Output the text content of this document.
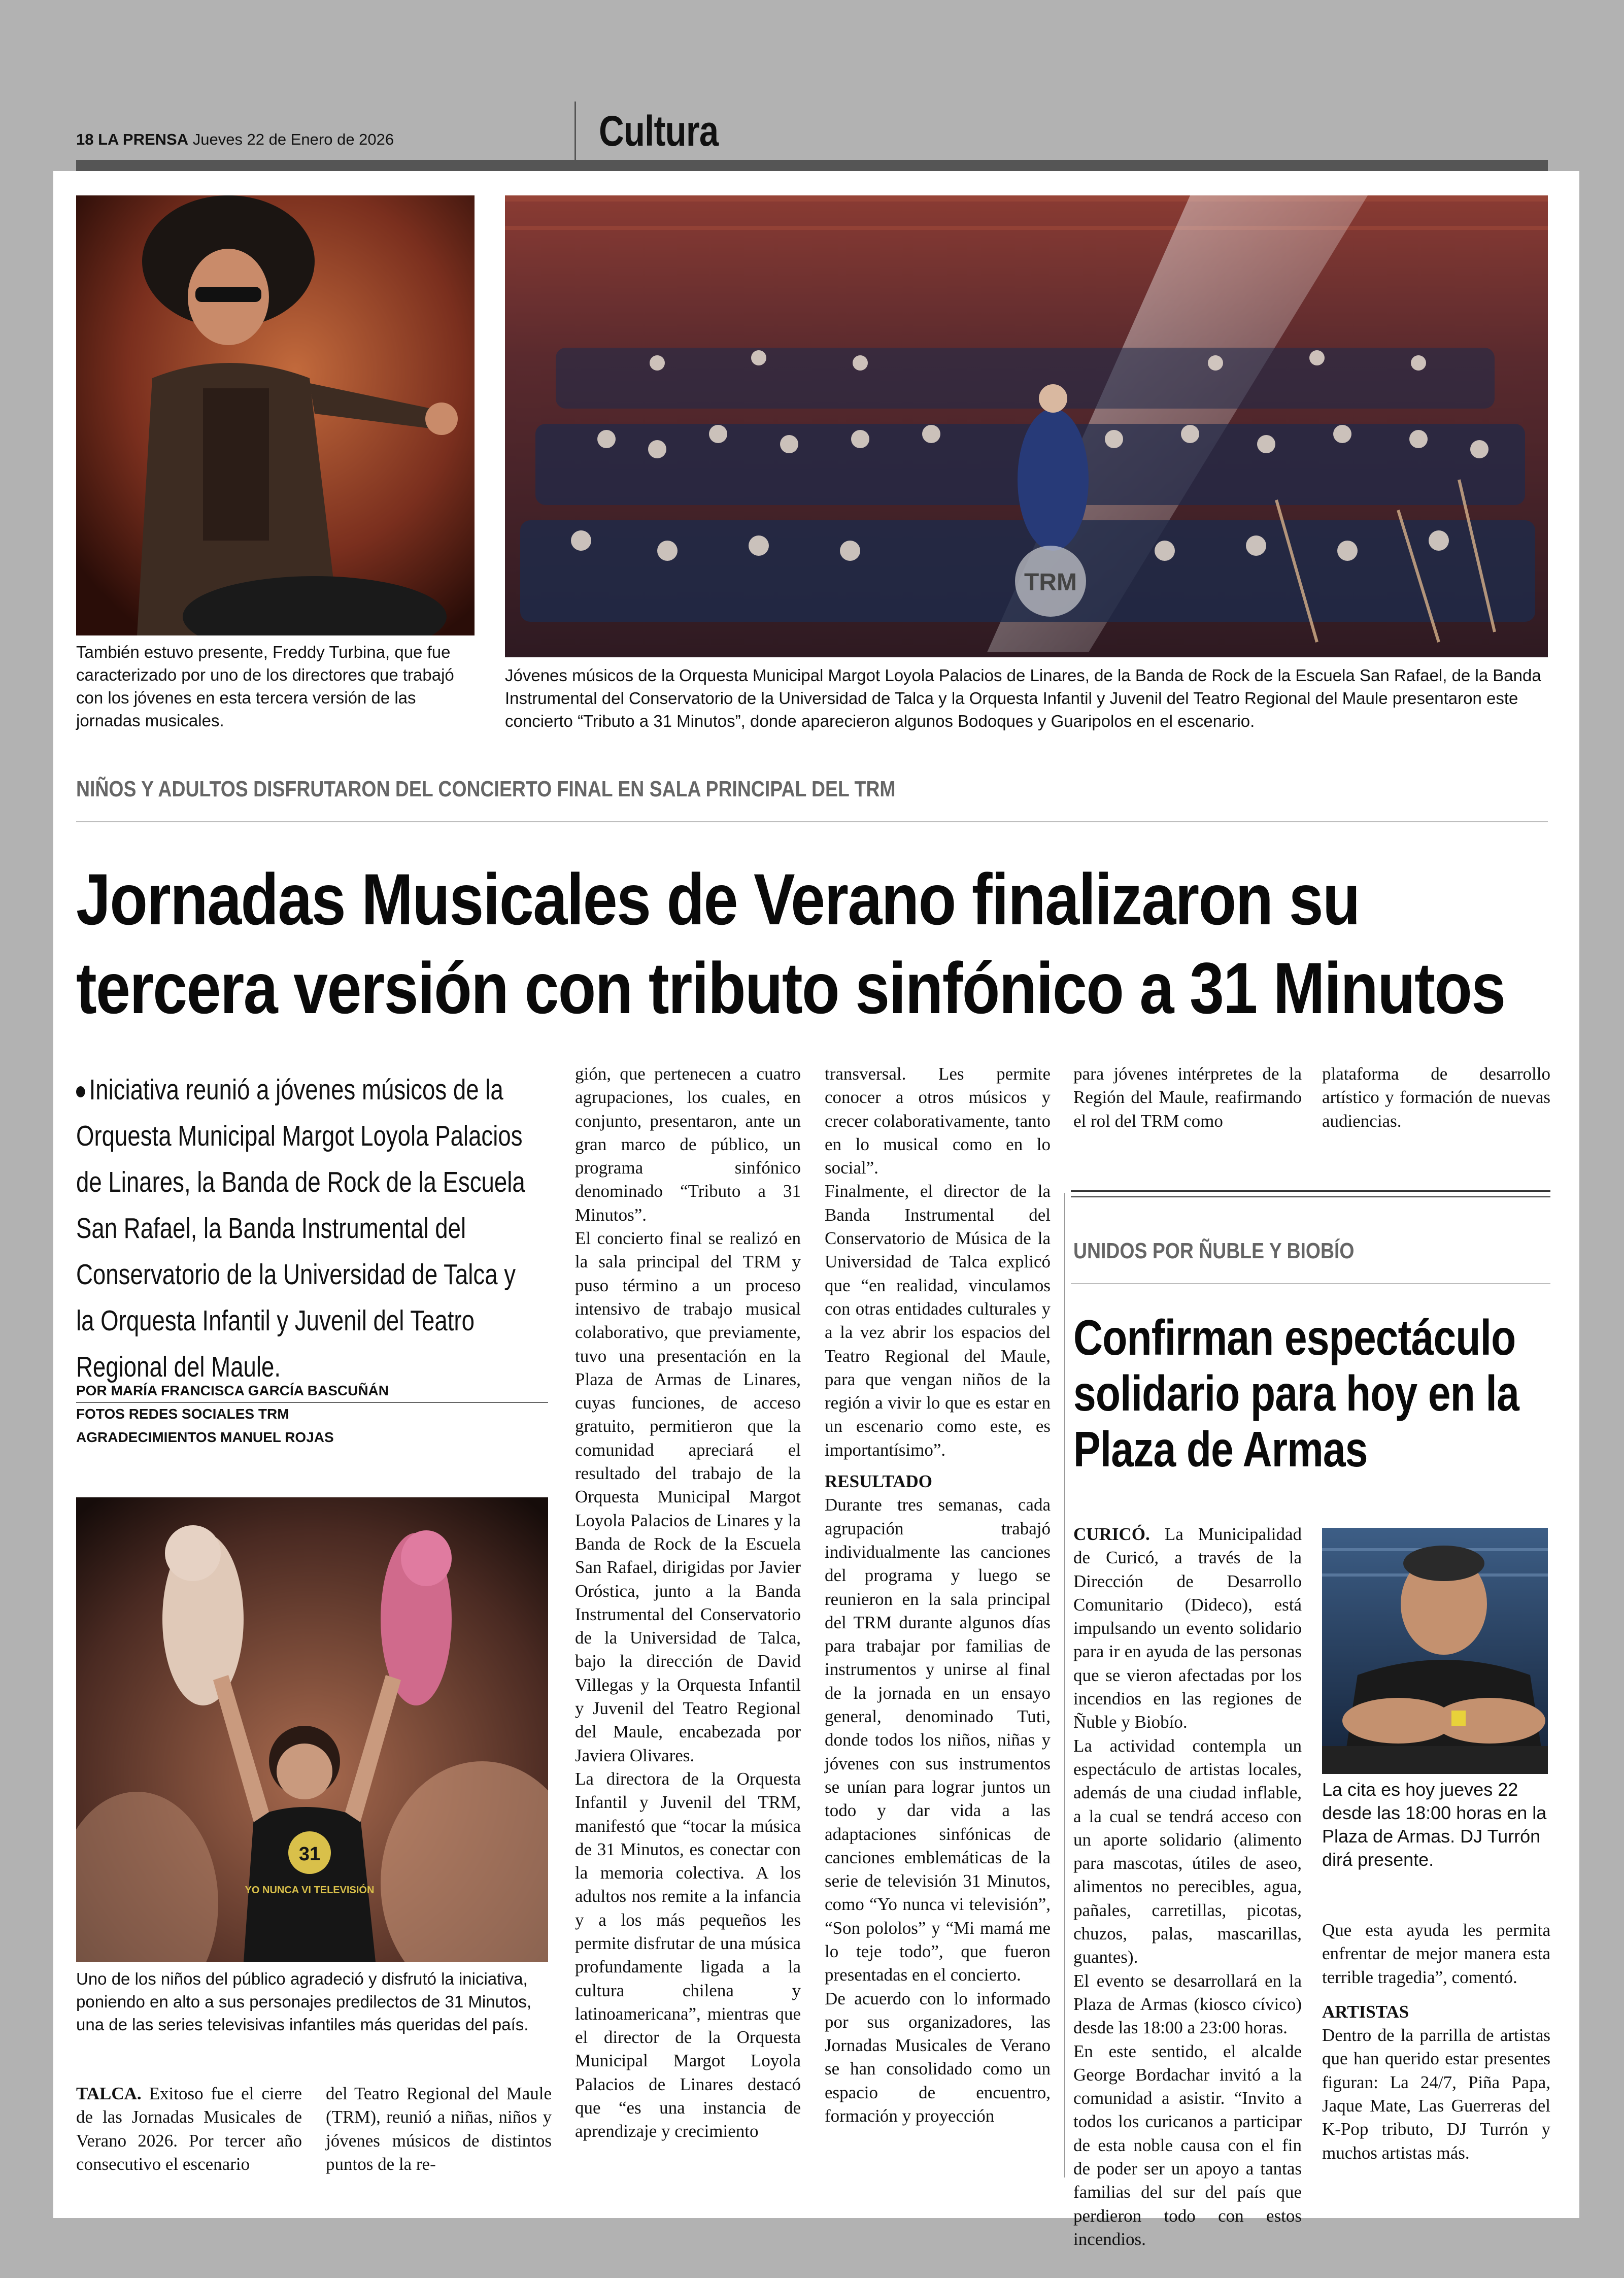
18 LA PRENSA Jueves 22 de Enero de 2026	Cultura
También estuvo presente, Freddy Turbina, que fue caracterizado por uno de los directores que trabajó con los jóvenes en esta tercera versión de las jornadas musicales.
TRM
Jóvenes músicos de la Orquesta Municipal Margot Loyola Palacios de Linares, de la Banda de Rock de la Escuela San Rafael, de la Banda Instrumental del Conservatorio de la Universidad de Talca y la Orquesta Infantil y Juvenil del Teatro Regional del Maule presentaron este concierto “Tributo a 31 Minutos”, donde aparecieron algunos Bodoques y Guaripolos en el escenario.
NIÑOS Y ADULTOS DISFRUTARON DEL CONCIERTO FINAL EN SALA PRINCIPAL DEL TRM
Jornadas Musicales de Verano finalizaron su
tercera versión con tributo sinfónico a 31 Minutos
Iniciativa reunió a jóvenes músicos de la Orquesta Municipal Margot Loyola Palacios de Linares, la Banda de Rock de la Escuela San Rafael, la Banda Instrumental del Conservatorio de la Universidad de Talca y la Orquesta Infantil y Juvenil del Teatro Regional del Maule.
POR MARÍA FRANCISCA GARCÍA BASCUÑÁN
FOTOS REDES SOCIALES TRM
AGRADECIMIENTOS MANUEL ROJAS
31
YO NUNCA VI TELEVISIÓN
Uno de los niños del público agradeció y disfrutó la iniciativa, poniendo en alto a sus personajes predilectos de 31 Minutos, una de las series televisivas infantiles más queridas del país.

TALCA. Exitoso fue el cierre de las Jornadas Musicales de Verano 2026. Por tercer año consecutivo el escenario

del Teatro Regional del Maule (TRM), reunió a niñas, niños y jóvenes músicos de distintos puntos de la re-

gión, que pertenecen a cuatro agrupaciones, los cuales, en conjunto, presentaron, ante un gran marco de público, un programa sinfónico denominado “Tributo a 31 Minutos”.

El concierto final se realizó en la sala principal del TRM y puso término a un proceso intensivo de trabajo musical colaborativo, que previamente, tuvo una presentación en la Plaza de Armas de Linares, cuyas funciones, de acceso gratuito, permitieron que la comunidad apreciará el resultado del trabajo de la Orquesta Municipal Margot Loyola Palacios de Linares y la Banda de Rock de la Escuela San Rafael, dirigidas por Javier Oróstica, junto a la Banda Instrumental del Conservatorio de la Universidad de Talca, bajo la dirección de David Villegas y la Orquesta Infantil y Juvenil del Teatro Regional del Maule, encabezada por Javiera Olivares.

La directora de la Orquesta Infantil y Juvenil del TRM, manifestó que “tocar la música de 31 Minutos, es conectar con la memoria colectiva. A los adultos nos remite a la infancia y a los más pequeños les permite disfrutar de una música profundamente ligada a la cultura chilena y latinoamericana”, mientras que el director de la Orquesta Municipal Margot Loyola Palacios de Linares destacó que “es una instancia de aprendizaje y crecimiento

transversal. Les permite conocer a otros músicos y crecer colaborativamente, tanto en lo musical como en lo social”.

Finalmente, el director de la Banda Instrumental del Conservatorio de Música de la Universidad de Talca explicó que “en realidad, vinculamos con otras entidades culturales y a la vez abrir los espacios del Teatro Regional del Maule, para que vengan niños de la región a vivir lo que es estar en un escenario como este, es importantísimo”.

RESULTADO

Durante tres semanas, cada agrupación trabajó individualmente las canciones del programa y luego se reunieron en la sala principal del TRM durante algunos días para trabajar por familias de instrumentos y unirse al final de la jornada en un ensayo general, denominado Tuti, donde todos los niños, niñas y jóvenes con sus instrumentos se unían para lograr juntos un todo y dar vida a las adaptaciones sinfónicas de canciones emblemáticas de la serie de televisión 31 Minutos, como “Yo nunca vi televisión”, “Son pololos” y “Mi mamá me lo teje todo”, que fueron presentadas en el concierto.

De acuerdo con lo informado por sus organizadores, las Jornadas Musicales de Verano se han consolidado como un espacio de encuentro, formación y proyección

para jóvenes intérpretes de la Región del Maule, reafirmando el rol del TRM como

plataforma de desarrollo artístico y formación de nuevas audiencias.

UNIDOS POR ÑUBLE Y BIOBÍO
Confirman espectáculo solidario para hoy en la Plaza de Armas

CURICÓ. La Municipalidad de Curicó, a través de la Dirección de Desarrollo Comunitario (Dideco), está impulsando un evento solidario para ir en ayuda de las personas que se vieron afectadas por los incendios en las regiones de Ñuble y Biobío.

La actividad contempla un espectáculo de artistas locales, además de una ciudad inflable, a la cual se tendrá acceso con un aporte solidario (alimento para mascotas, útiles de aseo, alimentos no perecibles, agua, pañales, carretillas, picotas, chuzos, palas, mascarillas, guantes).

El evento se desarrollará en la Plaza de Armas (kiosco cívico) desde las 18:00 a 23:00 horas.

En este sentido, el alcalde George Bordachar invitó a la comunidad a asistir. “Invito a todos los curicanos a participar de esta noble causa con el fin de poder ser un apoyo a tantas familias del sur del país que perdieron todo con estos incendios.

La cita es hoy jueves 22 desde las 18:00 horas en la Plaza de Armas. DJ Turrón dirá presente.

Que esta ayuda les permita enfrentar de mejor manera esta terrible tragedia”, comentó.

ARTISTAS

Dentro de la parrilla de artistas que han querido estar presentes figuran: La 24/7, Piña Papa, Jaque Mate, Las Guerreras del K-Pop tributo, DJ Turrón y muchos artistas más.
